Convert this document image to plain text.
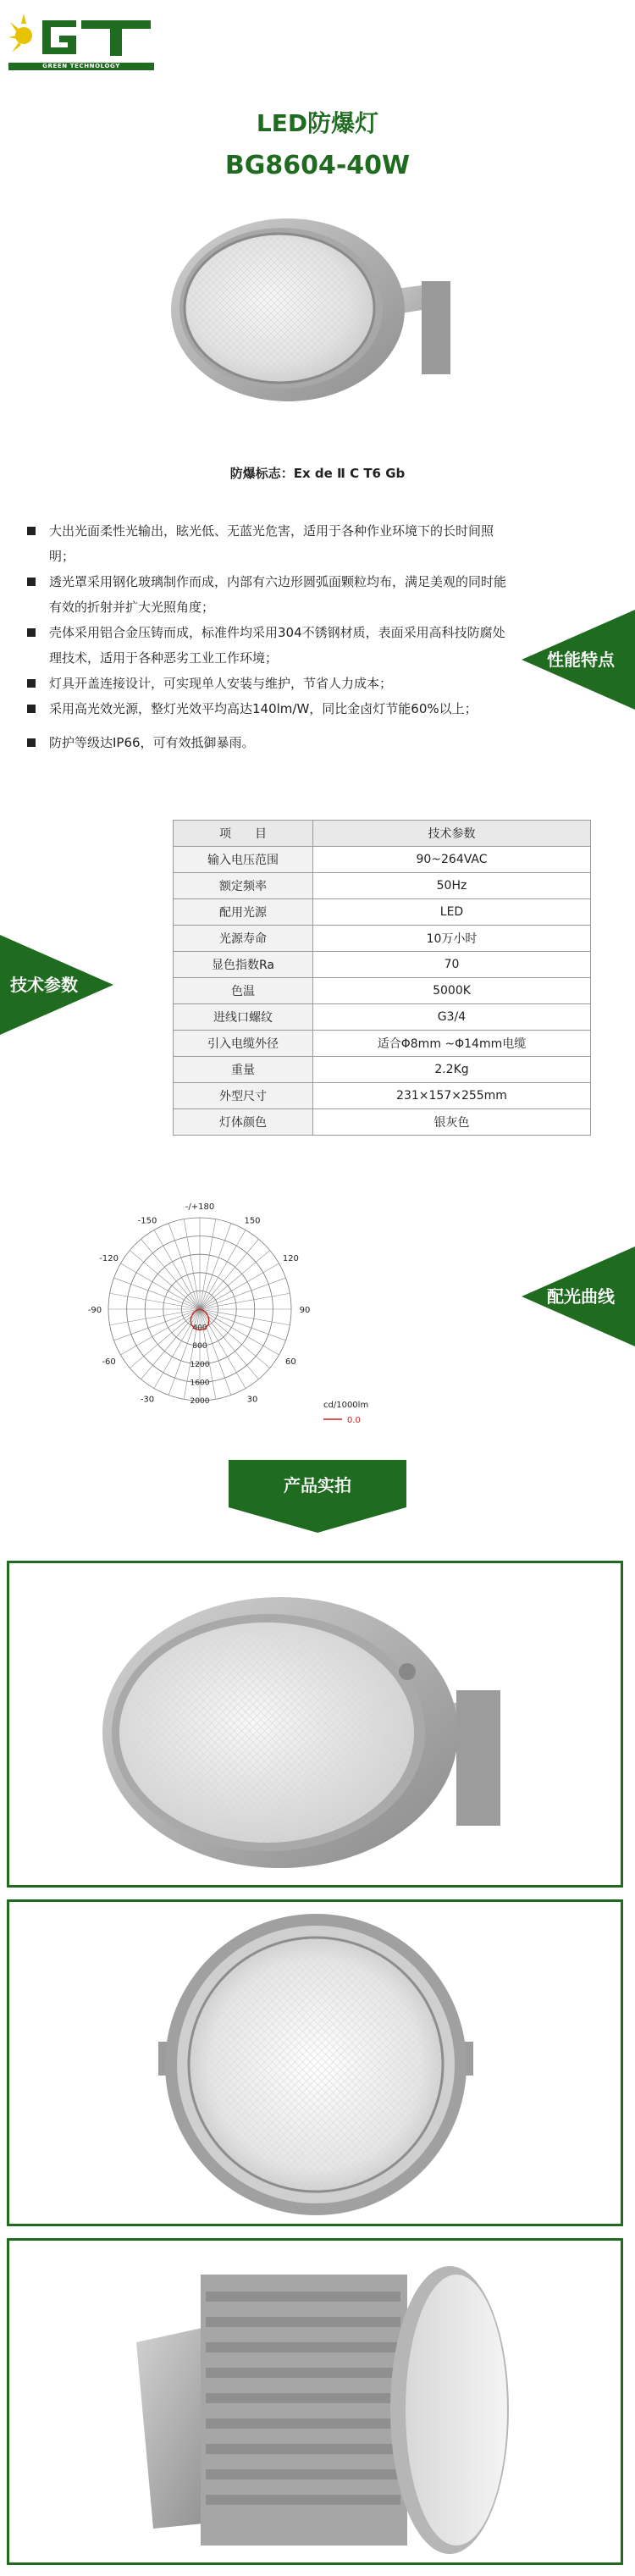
GREEN TECHNOLOGY
LED防爆灯
BG8604-40W
防爆标志：Ex de Ⅱ C T6 Gb
大出光面柔性光输出，眩光低、无蓝光危害，适用于各种作业环境下的长时间照明；
透光罩采用钢化玻璃制作而成，内部有六边形圆弧面颗粒均布，满足美观的同时能有效的折射并扩大光照角度；
壳体采用铝合金压铸而成，标准件均采用304不锈钢材质，表面采用高科技防腐处理技术，适用于各种恶劣工业工作环境；
灯具开盖连接设计，可实现单人安装与维护，节省人力成本；
采用高光效光源，整灯光效平均高达140lm/W，同比金卤灯节能60%以上；
防护等级达IP66，可有效抵御暴雨。
性能特点
技术参数
项　　目	技术参数
输入电压范围	90~264VAC
额定频率	50Hz
配用光源	LED
光源寿命	10万小时
显色指数Ra	70
色温	5000K
进线口螺纹	G3/4
引入电缆外径	适合Φ8mm ~Φ14mm电缆
重量	2.2Kg
外型尺寸	231×157×255mm
灯体颜色	银灰色
-/+180
150
120
90
60
30
-30
-60
-90
-120
-150
400
800
1200
1600
2000	cd/1000lm
0.0
配光曲线
产品实拍
